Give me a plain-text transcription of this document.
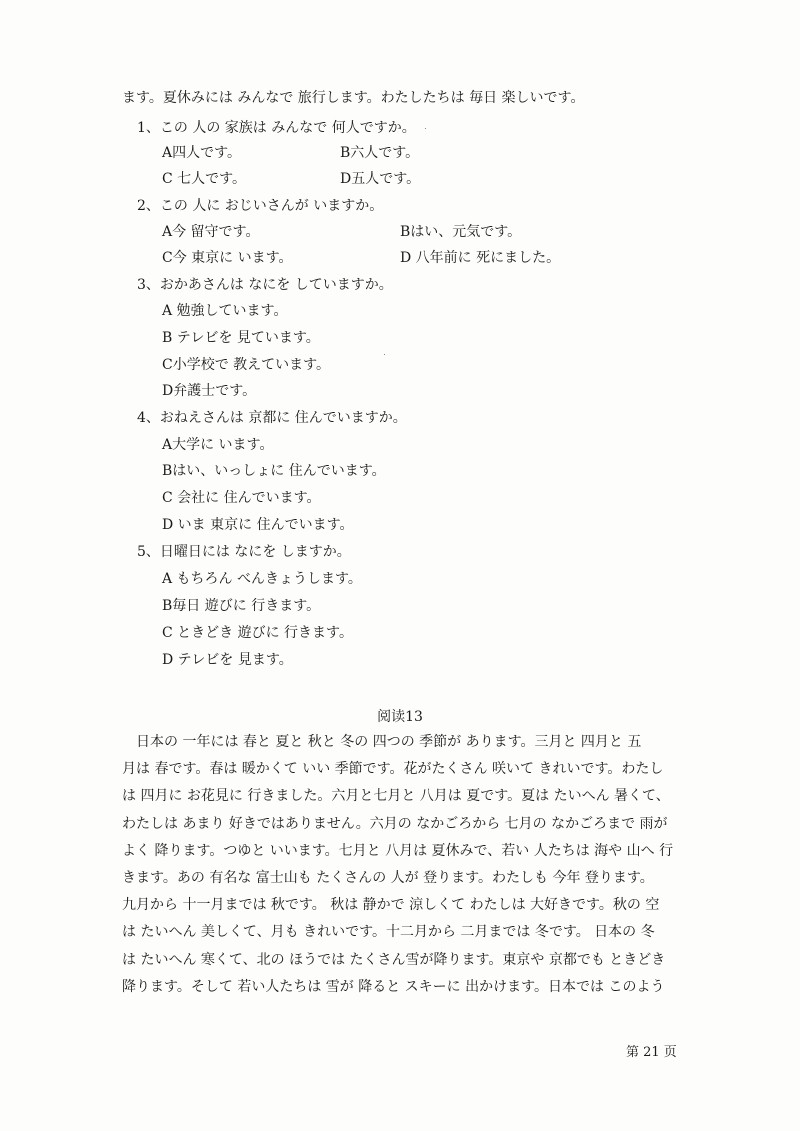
ます。夏休みには みんなで 旅行します。わたしたちは 毎日 楽しいです。
1、この 人の 家族は みんなで 何人ですか。
A四人です。	B六人です。
C 七人です。	D五人です。
2、この 人に おじいさんが いますか。
A今 留守です。	Bはい、元気です。
C今 東京に います。	D 八年前に 死にました。
3、おかあさんは なにを していますか。
A 勉強しています。
B テレビを 見ています。
C小学校で 教えています。
D弁護士です。
4、おねえさんは 京都に 住んでいますか。
A大学に います。
Bはい、いっしょに 住んでいます。
C 会社に 住んでいます。
D いま 東京に 住んでいます。
5、日曜日には なにを しますか。
A もちろん べんきょうします。
B毎日 遊びに 行きます。
C ときどき 遊びに 行きます。
D テレビを 見ます。
阅读13
　日本の 一年には 春と 夏と 秋と 冬の 四つの 季節が あります。三月と 四月と 五
月は 春です。春は 暖かくて いい 季節です。花がたくさん 咲いて きれいです。わたし
は 四月に お花見に 行きました。六月と七月と 八月は 夏です。夏は たいへん 暑くて、
わたしは あまり 好きではありません。六月の なかごろから 七月の なかごろまで 雨が
よく 降ります。つゆと いいます。七月と 八月は 夏休みで、若い 人たちは 海や 山へ 行
きます。あの 有名な 富士山も たくさんの 人が 登ります。わたしも 今年 登ります。
九月から 十一月までは 秋です。 秋は 静かで 涼しくて わたしは 大好きです。秋の 空
は たいへん 美しくて、月も きれいです。十二月から 二月までは 冬です。 日本の 冬
は たいへん 寒くて、北の ほうでは たくさん雪が降ります。東京や 京都でも ときどき
降ります。そして 若い人たちは 雪が 降ると スキーに 出かけます。日本では このよう
第 21 页
